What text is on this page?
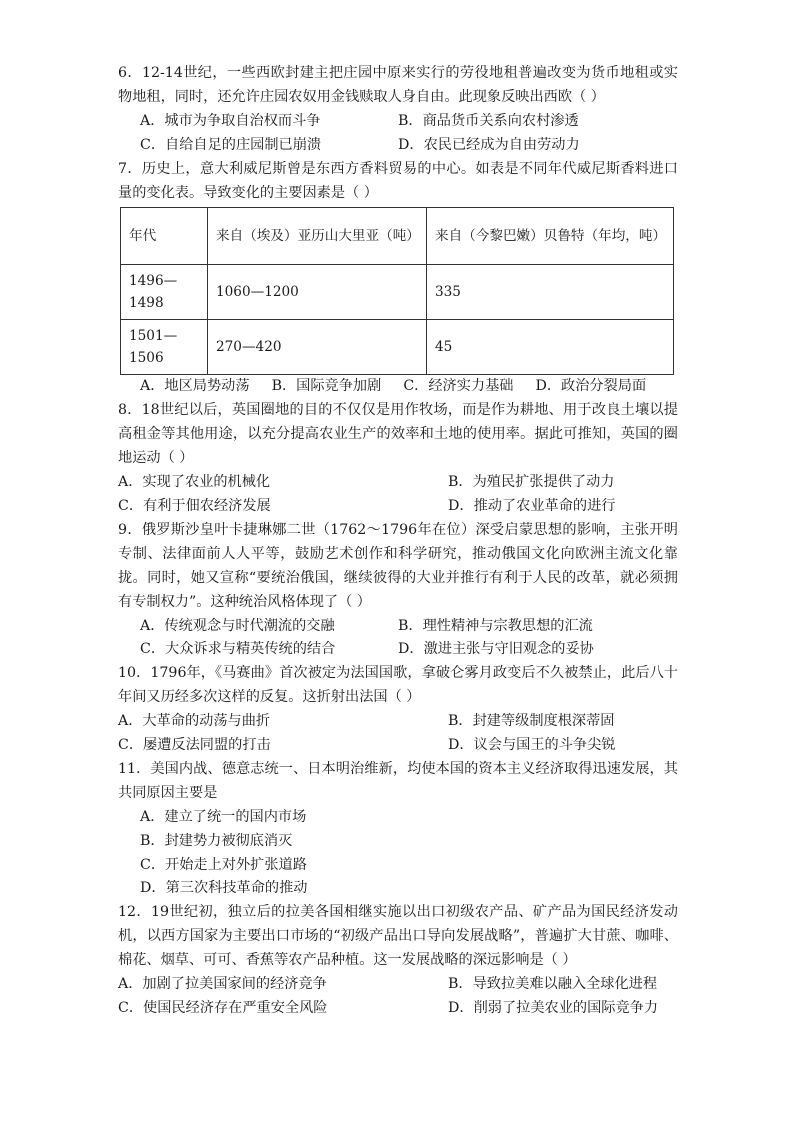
6．12-14世纪，一些西欧封建主把庄园中原来实行的劳役地租普遍改变为货币地租或实物地租，同时，还允许庄园农奴用金钱赎取人身自由。此现象反映出西欧（ ）

A．城市为争取自治权而斗争	B．商品货币关系向农村渗透
C．自给自足的庄园制已崩溃	D．农民已经成为自由劳动力

7．历史上，意大利威尼斯曾是东西方香料贸易的中心。如表是不同年代威尼斯香料进口量的变化表。导致变化的主要因素是（ ）

年代	来自（埃及）亚历山大里亚（吨）	来自（今黎巴嫩）贝鲁特（年均，吨）
1496—1498	1060—1200	335
1501—1506	270—420	45
A．地区局势动荡 B．国际竞争加剧 C．经济实力基础 D．政治分裂局面

8．18世纪以后，英国圈地的目的不仅仅是用作牧场，而是作为耕地、用于改良土壤以提高租金等其他用途，以充分提高农业生产的效率和土地的使用率。据此可推知，英国的圈地运动（ ）

A．实现了农业的机械化	B．为殖民扩张提供了动力
C．有利于佃农经济发展	D．推动了农业革命的进行

9．俄罗斯沙皇叶卡捷琳娜二世（1762～1796年在位）深受启蒙思想的影响，主张开明专制、法律面前人人平等，鼓励艺术创作和科学研究，推动俄国文化向欧洲主流文化靠拢。同时，她又宣称“要统治俄国，继续彼得的大业并推行有利于人民的改革，就必须拥有专制权力”。这种统治风格体现了（ ）

A．传统观念与时代潮流的交融	B．理性精神与宗教思想的汇流
C．大众诉求与精英传统的结合	D．激进主张与守旧观念的妥协

10．1796年，《马赛曲》首次被定为法国国歌，拿破仑雾月政变后不久被禁止，此后八十年间又历经多次这样的反复。这折射出法国（ ）

A．大革命的动荡与曲折	B．封建等级制度根深蒂固
C．屡遭反法同盟的打击	D．议会与国王的斗争尖锐

11．美国内战、德意志统一、日本明治维新，均使本国的资本主义经济取得迅速发展，其共同原因主要是

A．建立了统一的国内市场
B．封建势力被彻底消灭
C．开始走上对外扩张道路
D．第三次科技革命的推动

12．19世纪初，独立后的拉美各国相继实施以出口初级农产品、矿产品为国民经济发动机，以西方国家为主要出口市场的“初级产品出口导向发展战略”，普遍扩大甘蔗、咖啡、棉花、烟草、可可、香蕉等农产品种植。这一发展战略的深远影响是（ ）

A．加剧了拉美国家间的经济竞争	B．导致拉美难以融入全球化进程
C．使国民经济存在严重安全风险	D．削弱了拉美农业的国际竞争力
